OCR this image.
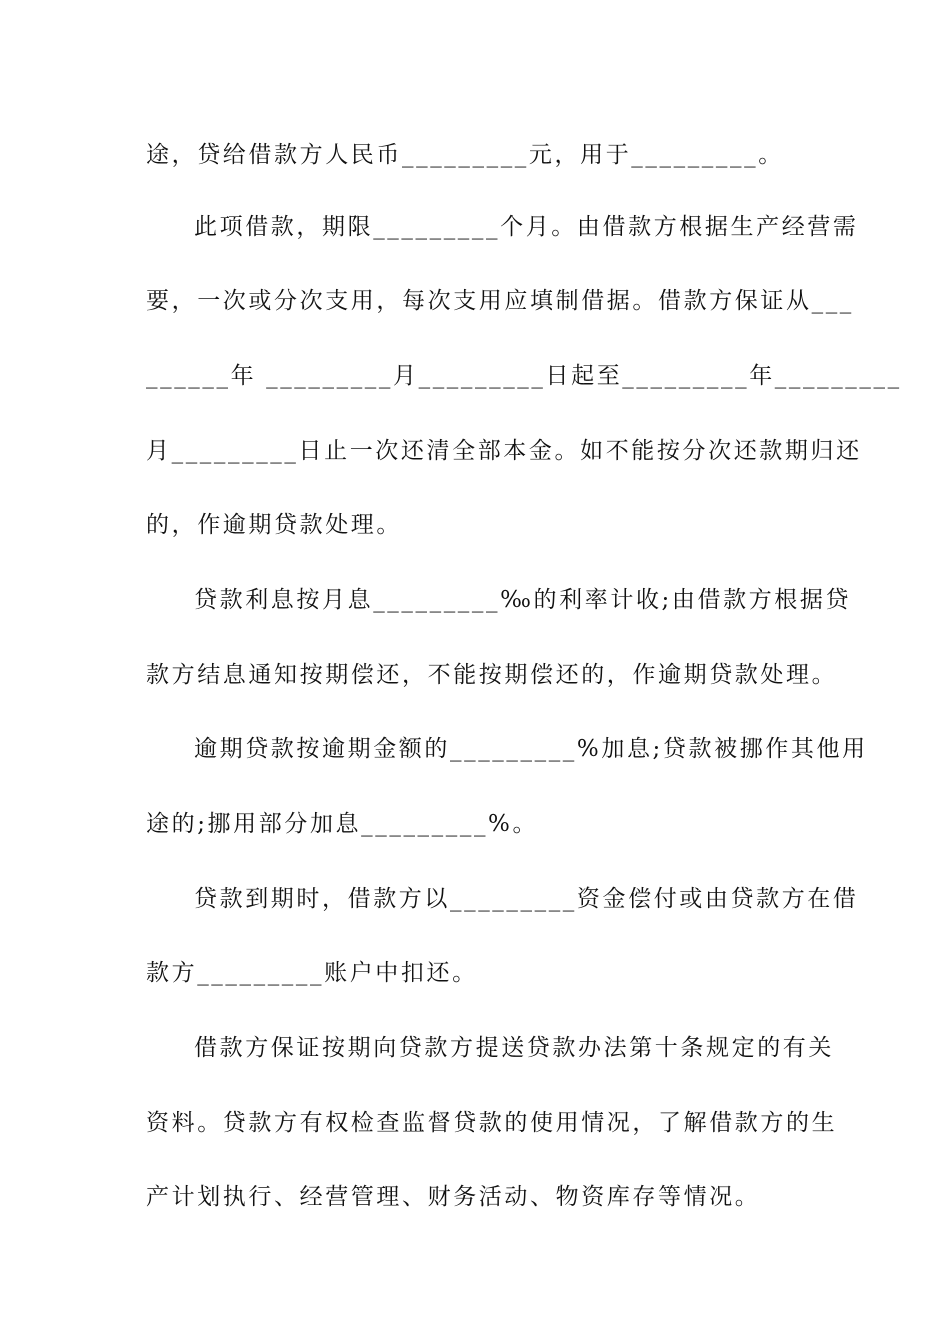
途，贷给借款方人民币_________元，用于_________。
此项借款，期限_________个月。由借款方根据生产经营需
要，一次或分次支用，每次支用应填制借据。借款方保证从___
______年 _________月_________日起至_________年_________
月_________日止一次还清全部本金。如不能按分次还款期归还
的，作逾期贷款处理。
贷款利息按月息_________‰的利率计收;由借款方根据贷
款方结息通知按期偿还，不能按期偿还的，作逾期贷款处理。
逾期贷款按逾期金额的_________%加息;贷款被挪作其他用
途的;挪用部分加息_________%。
贷款到期时，借款方以_________资金偿付或由贷款方在借
款方_________账户中扣还。
借款方保证按期向贷款方提送贷款办法第十条规定的有关
资料。贷款方有权检查监督贷款的使用情况，了解借款方的生
产计划执行、经营管理、财务活动、物资库存等情况。
